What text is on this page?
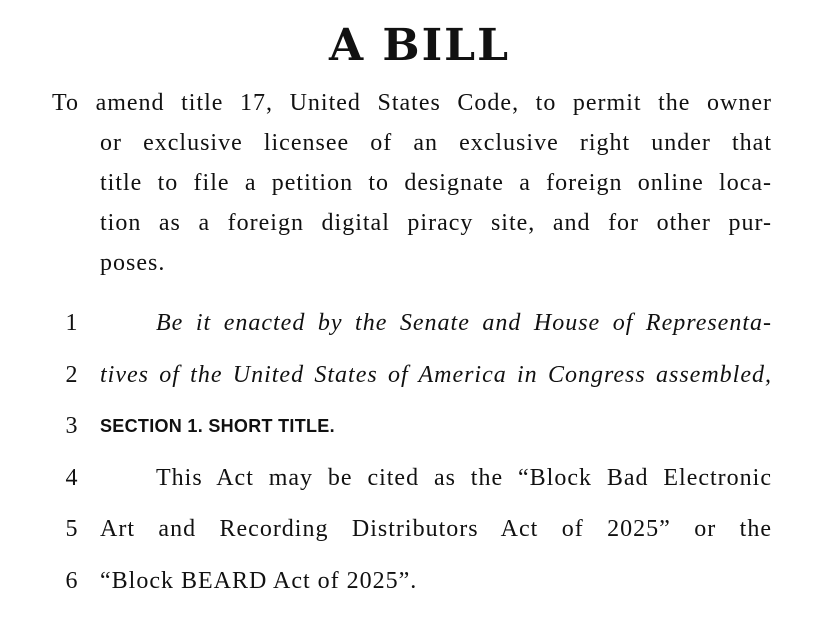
A BILL
To amend title 17, United States Code, to permit the owner
or exclusive licensee of an exclusive right under that
title to file a petition to designate a foreign online loca-
tion as a foreign digital piracy site, and for other pur-
poses.
1	Be it enacted by the Senate and House of Representa-
2 tives of the United States of America in Congress assembled,
3	SECTION 1. SHORT TITLE.
4	This Act may be cited as the “Block Bad Electronic
5 Art and Recording Distributors Act of 2025” or the
6 “Block BEARD Act of 2025”.
